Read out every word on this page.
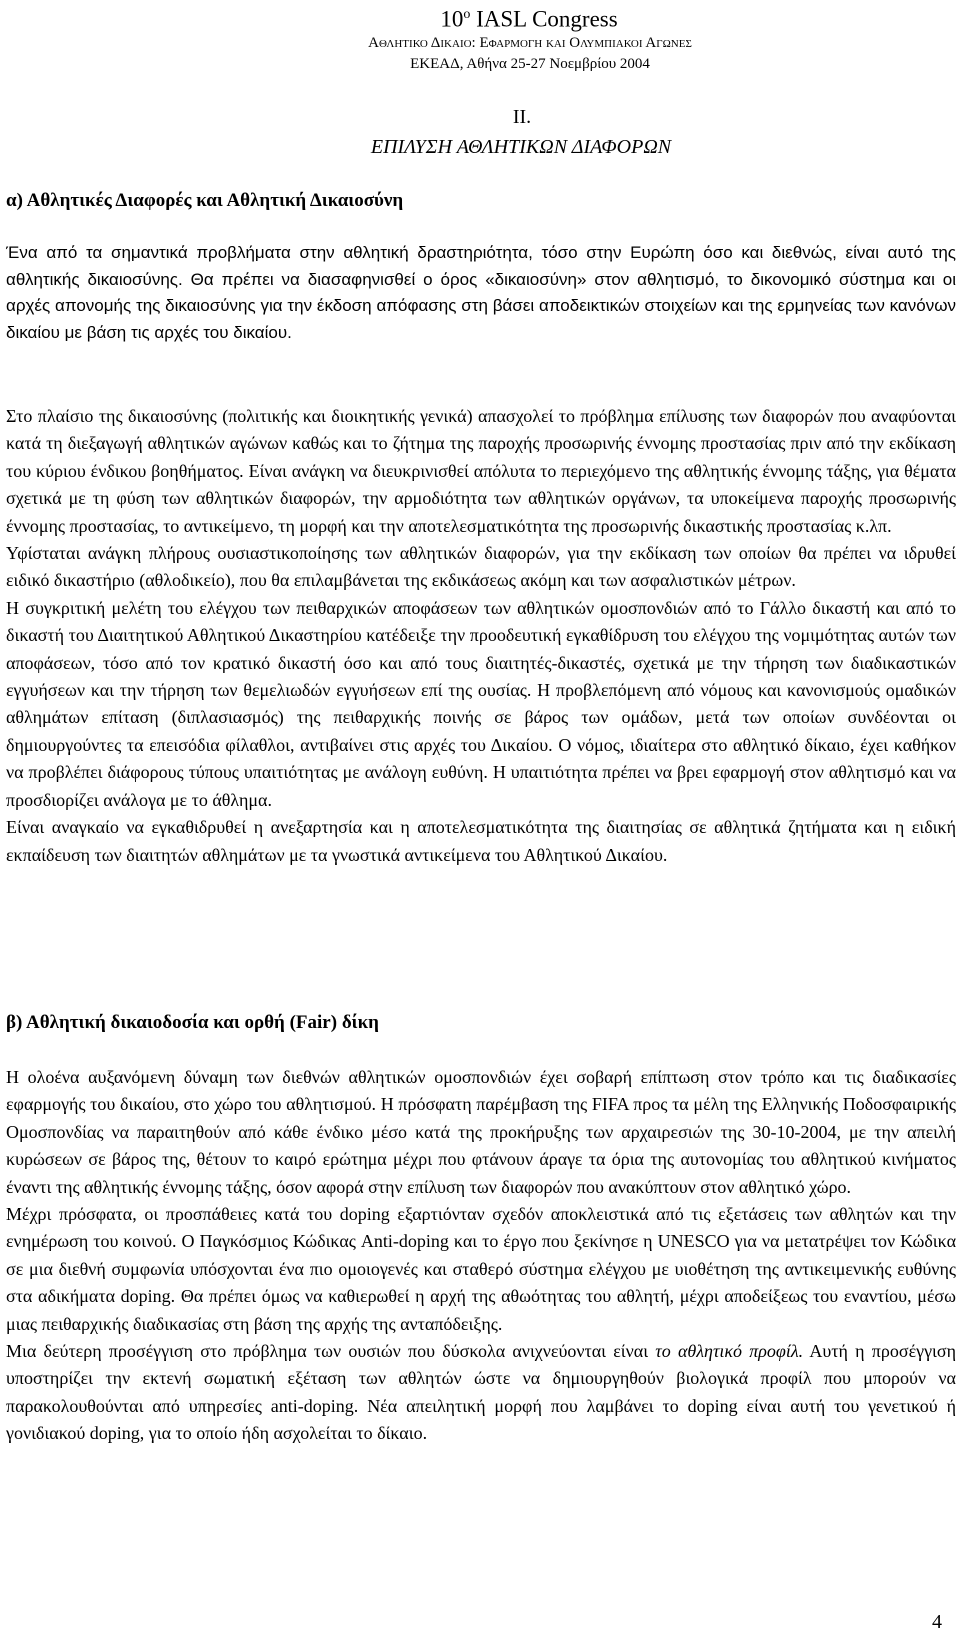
10$^o$ IASL Congress
Αθλητικο Δικαιο: Εφαρμογη και Ολυμπιακοι Αγωνες
ΕΚΕΑΔ, Αθήνα 25-27 Νοεμβρίου 2004
II.
ΕΠΙΛΥΣΗ ΑΘΛΗΤΙΚΩΝ ΔΙΑΦΟΡΩΝ
α) Αθλητικές Διαφορές και Αθλητική Δικαιοσύνη

Ένα από τα σημαντικά προβλήματα στην αθλητική δραστηριότητα, τόσο στην Ευρώπη όσο και διεθνώς, είναι αυτό της αθλητικής δικαιοσύνης. Θα πρέπει να διασαφηνισθεί ο όρος «δικαιοσύνη» στον αθλητισμό, το δικονομικό σύστημα και οι αρχές απονομής της δικαιοσύνης για την έκδοση απόφασης στη βάσει αποδεικτικών στοιχείων και της ερμηνείας των κανόνων δικαίου με βάση τις αρχές του δικαίου.

Στο πλαίσιο της δικαιοσύνης (πολιτικής και διοικητικής γενικά) απασχολεί το πρόβλημα επίλυσης των διαφορών που αναφύονται κατά τη διεξαγωγή αθλητικών αγώνων καθώς και το ζήτημα της παροχής προσωρινής έννομης προστασίας πριν από την εκδίκαση του κύριου ένδικου βοηθήματος. Είναι ανάγκη να διευκρινισθεί απόλυτα το περιεχόμενο της αθλητικής έννομης τάξης, για θέματα σχετικά με τη φύση των αθλητικών διαφορών, την αρμοδιότητα των αθλητικών οργάνων, τα υποκείμενα παροχής προσωρινής έννομης προστασίας, το αντικείμενο, τη μορφή και την αποτελεσματικότητα της προσωρινής δικαστικής προστασίας κ.λπ.

Υφίσταται ανάγκη πλήρους ουσιαστικοποίησης των αθλητικών διαφορών, για την εκδίκαση των οποίων θα πρέπει να ιδρυθεί ειδικό δικαστήριο (αθλοδικείο), που θα επιλαμβάνεται της εκδικάσεως ακόμη και των ασφαλιστικών μέτρων.

Η συγκριτική μελέτη του ελέγχου των πειθαρχικών αποφάσεων των αθλητικών ομοσπονδιών από το Γάλλο δικαστή και από το δικαστή του Διαιτητικού Αθλητικού Δικαστηρίου κατέδειξε την προοδευτική εγκαθίδρυση του ελέγχου της νομιμότητας αυτών των αποφάσεων, τόσο από τον κρατικό δικαστή όσο και από τους διαιτητές-δικαστές, σχετικά με την τήρηση των διαδικαστικών εγγυήσεων και την τήρηση των θεμελιωδών εγγυήσεων επί της ουσίας. Η προβλεπόμενη από νόμους και κανονισμούς ομαδικών αθλημάτων επίταση (διπλασιασμός) της πειθαρχικής ποινής σε βάρος των ομάδων, μετά των οποίων συνδέονται οι δημιουργούντες τα επεισόδια φίλαθλοι, αντιβαίνει στις αρχές του Δικαίου. Ο νόμος, ιδιαίτερα στο αθλητικό δίκαιο, έχει καθήκον να προβλέπει διάφορους τύπους υπαιτιότητας με ανάλογη ευθύνη. Η υπαιτιότητα πρέπει να βρει εφαρμογή στον αθλητισμό και να προσδιορίζει ανάλογα με το άθλημα.

Είναι αναγκαίο να εγκαθιδρυθεί η ανεξαρτησία και η αποτελεσματικότητα της διαιτησίας σε αθλητικά ζητήματα και η ειδική εκπαίδευση των διαιτητών αθλημάτων με τα γνωστικά αντικείμενα του Αθλητικού Δικαίου.

β) Αθλητική δικαιοδοσία και ορθή (Fair) δίκη

Η ολοένα αυξανόμενη δύναμη των διεθνών αθλητικών ομοσπονδιών έχει σοβαρή επίπτωση στον τρόπο και τις διαδικασίες εφαρμογής του δικαίου, στο χώρο του αθλητισμού. Η πρόσφατη παρέμβαση της FIFA προς τα μέλη της Ελληνικής Ποδοσφαιρικής Ομοσπονδίας να παραιτηθούν από κάθε ένδικο μέσο κατά της προκήρυξης των αρχαιρεσιών της 30-10-2004, με την απειλή κυρώσεων σε βάρος της, θέτουν το καιρό ερώτημα μέχρι που φτάνουν άραγε τα όρια της αυτονομίας του αθλητικού κινήματος έναντι της αθλητικής έννομης τάξης, όσον αφορά στην επίλυση των διαφορών που ανακύπτουν στον αθλητικό χώρο.

Μέχρι πρόσφατα, οι προσπάθειες κατά του doping εξαρτιόνταν σχεδόν αποκλειστικά από τις εξετάσεις των αθλητών και την ενημέρωση του κοινού. Ο Παγκόσμιος Κώδικας Anti-doping και το έργο που ξεκίνησε η UNESCO για να μετατρέψει τον Κώδικα σε μια διεθνή συμφωνία υπόσχονται ένα πιο ομοιογενές και σταθερό σύστημα ελέγχου με υιοθέτηση της αντικειμενικής ευθύνης στα αδικήματα doping. Θα πρέπει όμως να καθιερωθεί η αρχή της αθωότητας του αθλητή, μέχρι αποδείξεως του εναντίου, μέσω μιας πειθαρχικής διαδικασίας στη βάση της αρχής της ανταπόδειξης.

Μια δεύτερη προσέγγιση στο πρόβλημα των ουσιών που δύσκολα ανιχνεύονται είναι το αθλητικό προφίλ. Αυτή η προσέγγιση υποστηρίζει την εκτενή σωματική εξέταση των αθλητών ώστε να δημιουργηθούν βιολογικά προφίλ που μπορούν να παρακολουθούνται από υπηρεσίες anti-doping. Νέα απειλητική μορφή που λαμβάνει το doping είναι αυτή του γενετικού ή γονιδιακού doping, για το οποίο ήδη ασχολείται το δίκαιο.

4
